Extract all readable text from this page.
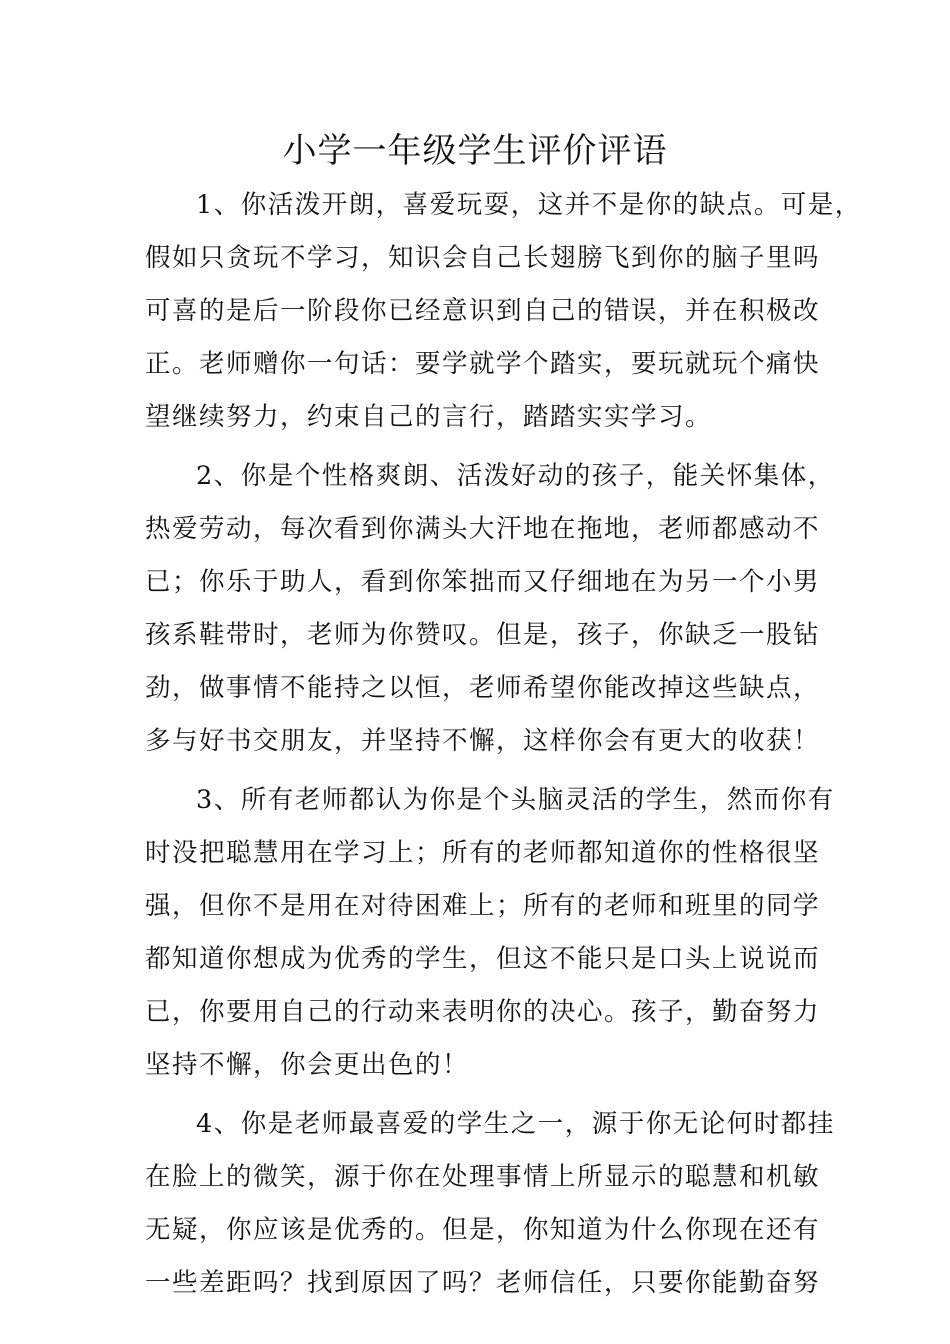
小学一年级学生评价评语
1、你活泼开朗，喜爱玩耍，这并不是你的缺点。可是，
假如只贪玩不学习，知识会自己长翅膀飞到你的脑子里吗
可喜的是后一阶段你已经意识到自己的错误，并在积极改
正。老师赠你一句话：要学就学个踏实，要玩就玩个痛快
望继续努力，约束自己的言行，踏踏实实学习。
2、你是个性格爽朗、活泼好动的孩子，能关怀集体，
热爱劳动，每次看到你满头大汗地在拖地，老师都感动不
已；你乐于助人，看到你笨拙而又仔细地在为另一个小男
孩系鞋带时，老师为你赞叹。但是，孩子，你缺乏一股钻
劲，做事情不能持之以恒，老师希望你能改掉这些缺点，
多与好书交朋友，并坚持不懈，这样你会有更大的收获！
3、所有老师都认为你是个头脑灵活的学生，然而你有
时没把聪慧用在学习上；所有的老师都知道你的性格很坚
强，但你不是用在对待困难上；所有的老师和班里的同学
都知道你想成为优秀的学生，但这不能只是口头上说说而
已，你要用自己的行动来表明你的决心。孩子，勤奋努力
坚持不懈，你会更出色的！
4、你是老师最喜爱的学生之一，源于你无论何时都挂
在脸上的微笑，源于你在处理事情上所显示的聪慧和机敏
无疑，你应该是优秀的。但是，你知道为什么你现在还有
一些差距吗？找到原因了吗？老师信任，只要你能勤奋努
